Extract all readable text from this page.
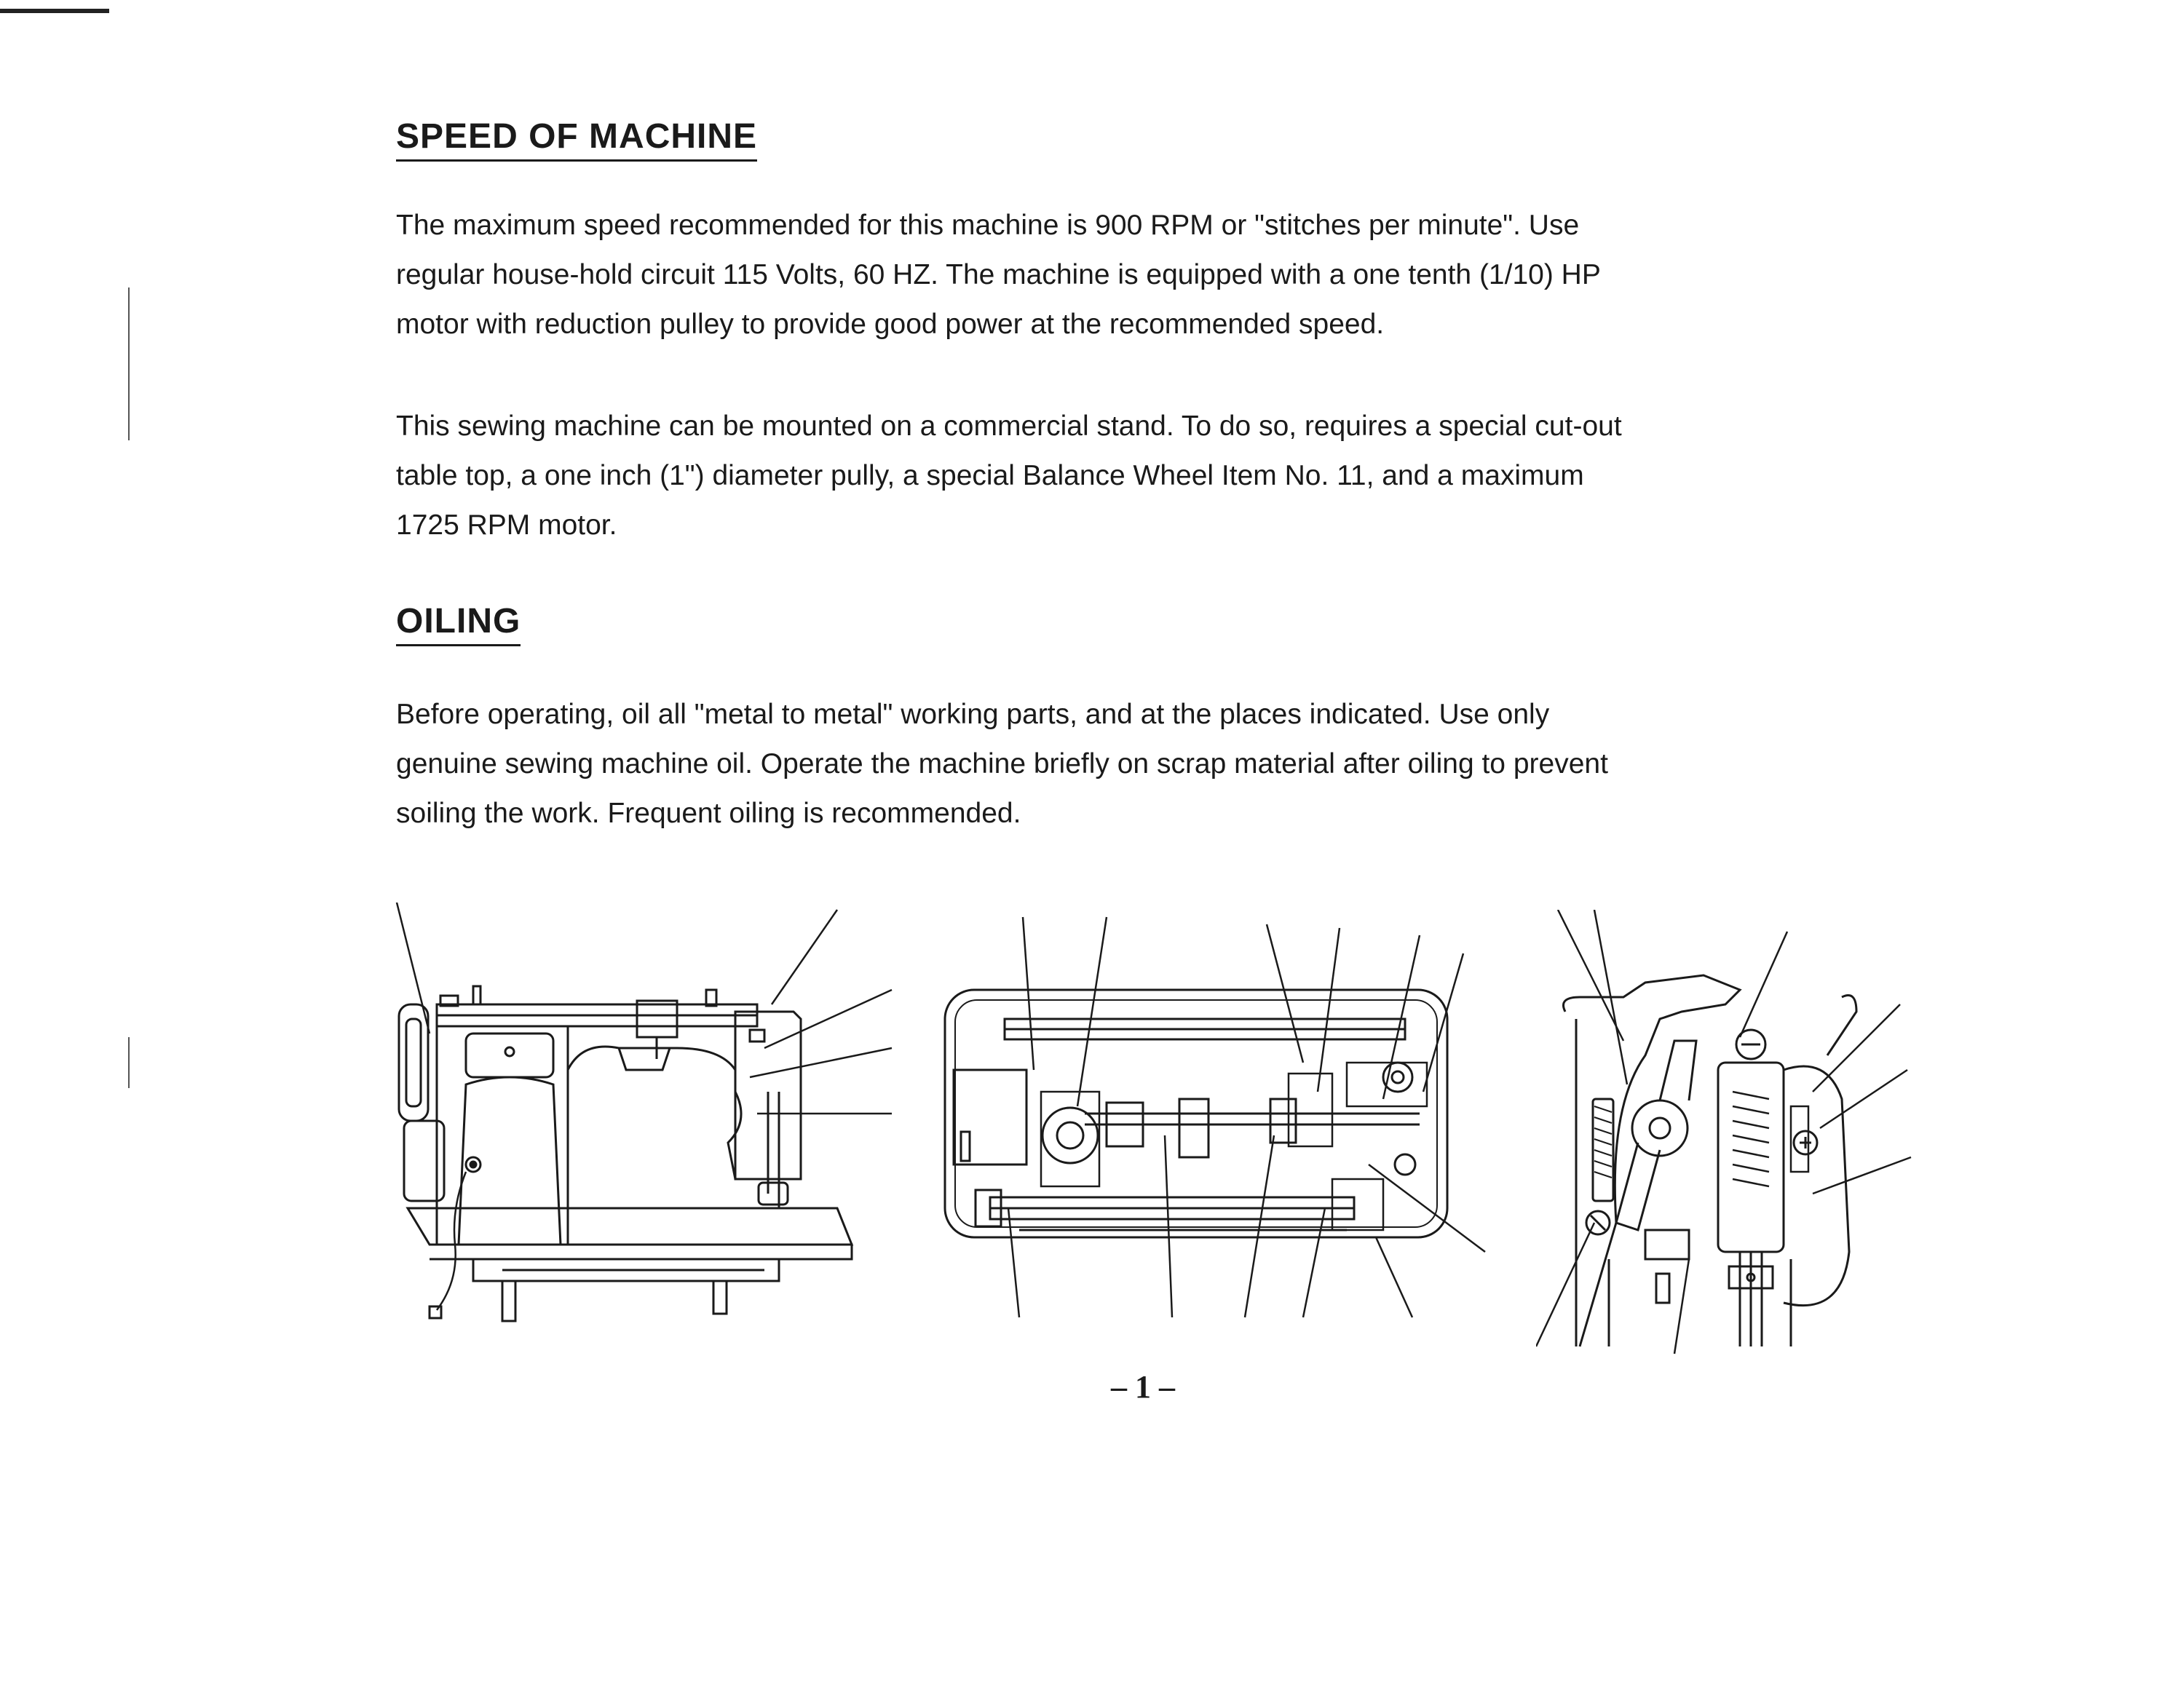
SPEED OF MACHINE

The maximum speed recommended for this machine is 900 RPM or "stitches per minute". Use
regular house-hold circuit 115 Volts, 60 HZ. The machine is equipped with a one tenth (1/10) HP
motor with reduction pulley to provide good power at the recommended speed.

This sewing machine can be mounted on a commercial stand. To do so, requires a special cut-out
table top, a one inch (1") diameter pully, a special Balance Wheel Item No. 11, and a maximum
1725 RPM motor.

OILING

Before operating, oil all "metal to metal" working parts, and at the places indicated. Use only
genuine sewing machine oil. Operate the machine briefly on scrap material after oiling to prevent
soiling the work. Frequent oiling is recommended.

– 1 –
